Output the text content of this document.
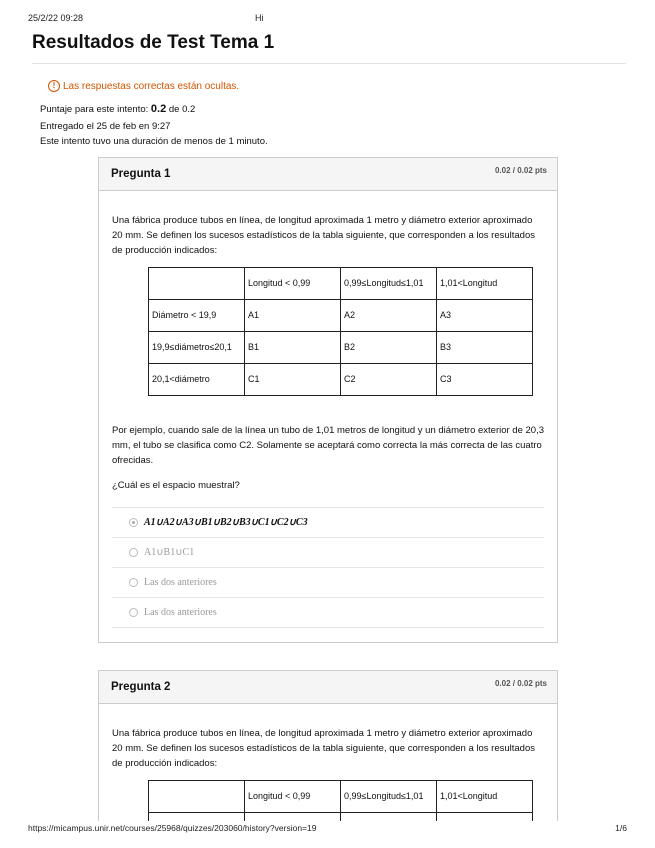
25/2/22 09:28	Hi
Resultados de Test Tema 1
! Las respuestas correctas están ocultas.
Puntaje para este intento: 0.2 de 0.2
Entregado el 25 de feb en 9:27
Este intento tuvo una duración de menos de 1 minuto.
Pregunta 1	0.02 / 0.02 pts

Una fábrica produce tubos en línea, de longitud aproximada 1 metro y diámetro exterior aproximado 20 mm. Se definen los sucesos estadísticos de la tabla siguiente, que corresponden a los resultados de producción indicados:

	Longitud < 0,99	0,99≤Longitud≤1,01	1,01<Longitud
Diámetro < 19,9	A1	A2	A3
19,9≤diámetro≤20,1	B1	B2	B3
20,1<diámetro	C1	C2	C3

Por ejemplo, cuando sale de la línea un tubo de 1,01 metros de longitud y un diámetro exterior de 20,3 mm, el tubo se clasifica como C2. Solamente se aceptará como correcta la más correcta de las cuatro ofrecidas.

¿Cuál es el espacio muestral?

A1∪A2∪A3∪B1∪B2∪B3∪C1∪C2∪C3
A1∪B1∪C1
Las dos anteriores
Las dos anteriores
Pregunta 2	0.02 / 0.02 pts

Una fábrica produce tubos en línea, de longitud aproximada 1 metro y diámetro exterior aproximado 20 mm. Se definen los sucesos estadísticos de la tabla siguiente, que corresponden a los resultados de producción indicados:

	Longitud < 0,99	0,99≤Longitud≤1,01	1,01<Longitud

https://micampus.unir.net/courses/25968/quizzes/203060/history?version=19	1/6
